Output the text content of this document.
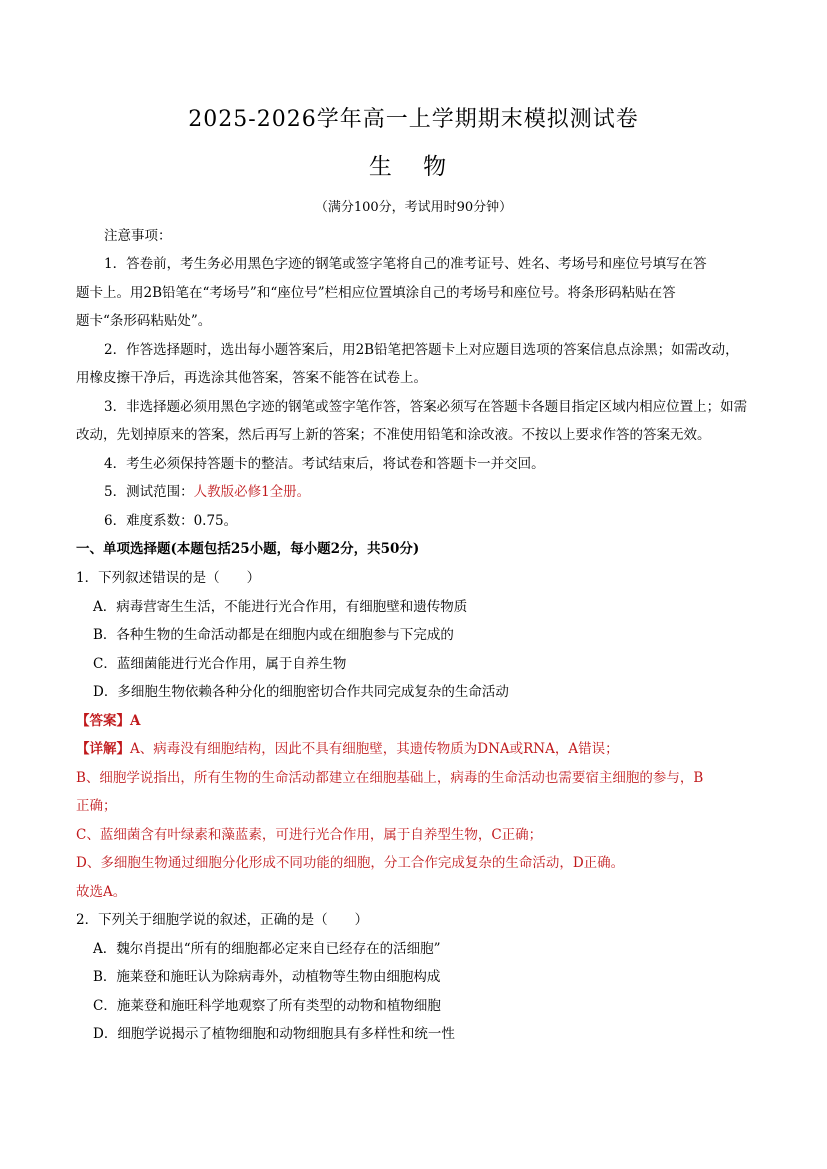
2025-2026学年高一上学期期末模拟测试卷
生 物
（满分100分，考试用时90分钟）
注意事项：
1．答卷前，考生务必用黑色字迹的钢笔或签字笔将自己的准考证号、姓名、考场号和座位号填写在答
题卡上。用2B铅笔在“考场号”和“座位号”栏相应位置填涂自己的考场号和座位号。将条形码粘贴在答
题卡“条形码粘贴处”。
2．作答选择题时，选出每小题答案后，用2B铅笔把答题卡上对应题目选项的答案信息点涂黑；如需改动，
用橡皮擦干净后，再选涂其他答案，答案不能答在试卷上。
3．非选择题必须用黑色字迹的钢笔或签字笔作答，答案必须写在答题卡各题目指定区域内相应位置上；如需
改动，先划掉原来的答案，然后再写上新的答案；不准使用铅笔和涂改液。不按以上要求作答的答案无效。
4．考生必须保持答题卡的整洁。考试结束后，将试卷和答题卡一并交回。
5．测试范围：人教版必修1全册。
6．难度系数：0.75。
一、单项选择题(本题包括25小题，每小题2分，共50分)
1．下列叙述错误的是（　　）
A．病毒营寄生生活，不能进行光合作用，有细胞壁和遗传物质
B．各种生物的生命活动都是在细胞内或在细胞参与下完成的
C．蓝细菌能进行光合作用，属于自养生物
D．多细胞生物依赖各种分化的细胞密切合作共同完成复杂的生命活动
【答案】A
【详解】A、病毒没有细胞结构，因此不具有细胞壁，其遗传物质为DNA或RNA，A错误；
B、细胞学说指出，所有生物的生命活动都建立在细胞基础上，病毒的生命活动也需要宿主细胞的参与，B
正确；
C、蓝细菌含有叶绿素和藻蓝素，可进行光合作用，属于自养型生物，C正确；
D、多细胞生物通过细胞分化形成不同功能的细胞，分工合作完成复杂的生命活动，D正确。
故选A。
2．下列关于细胞学说的叙述，正确的是（　　）
A．魏尔肖提出“所有的细胞都必定来自已经存在的活细胞”
B．施莱登和施旺认为除病毒外，动植物等生物由细胞构成
C．施莱登和施旺科学地观察了所有类型的动物和植物细胞
D．细胞学说揭示了植物细胞和动物细胞具有多样性和统一性
